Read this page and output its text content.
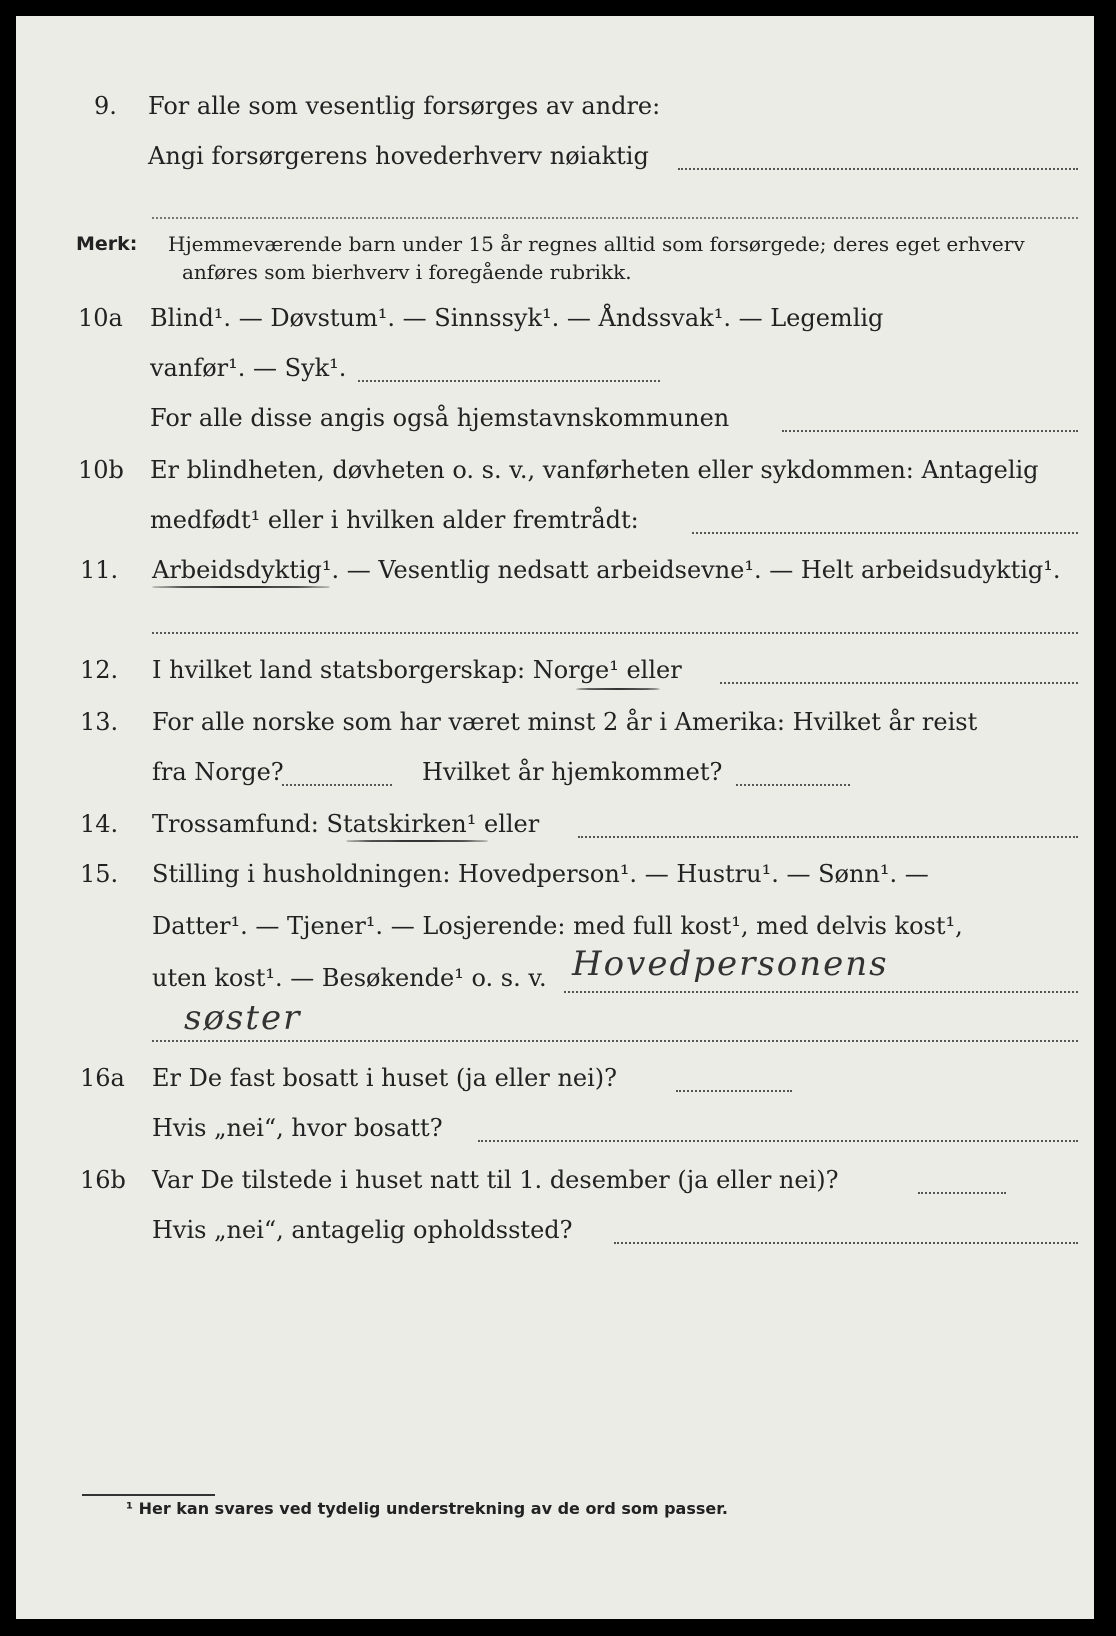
9. For alle som vesentlig forsørges av andre:
Angi forsørgerens hovederhverv nøiaktig
Merk: Hjemmeværende barn under 15 år regnes alltid som forsørgede; deres eget erhverv
anføres som bierhverv i foregående rubrikk.
10a Blind¹. — Døvstum¹. — Sinnssyk¹. — Åndssvak¹. — Legemlig
vanfør¹. — Syk¹.
For alle disse angis også hjemstavnskommunen
10b Er blindheten, døvheten o. s. v., vanførheten eller sykdommen: Antagelig
medfødt¹ eller i hvilken alder fremtrådt:
11. Arbeidsdyktig¹. — Vesentlig nedsatt arbeidsevne¹. — Helt arbeidsudyktig¹.
12. I hvilket land statsborgerskap: Norge¹ eller
13. For alle norske som har været minst 2 år i Amerika: Hvilket år reist
fra Norge?	Hvilket år hjemkommet?
14. Trossamfund: Statskirken¹ eller
15. Stilling i husholdningen: Hovedperson¹. — Hustru¹. — Sønn¹. —
Datter¹. — Tjener¹. — Losjerende: med full kost¹, med delvis kost¹,
uten kost¹. — Besøkende¹ o. s. v. Hovedpersonens
søster
16a Er De fast bosatt i huset (ja eller nei)?
Hvis „nei“, hvor bosatt?
16b Var De tilstede i huset natt til 1. desember (ja eller nei)?
Hvis „nei“, antagelig opholdssted?
¹ Her kan svares ved tydelig understrekning av de ord som passer.
